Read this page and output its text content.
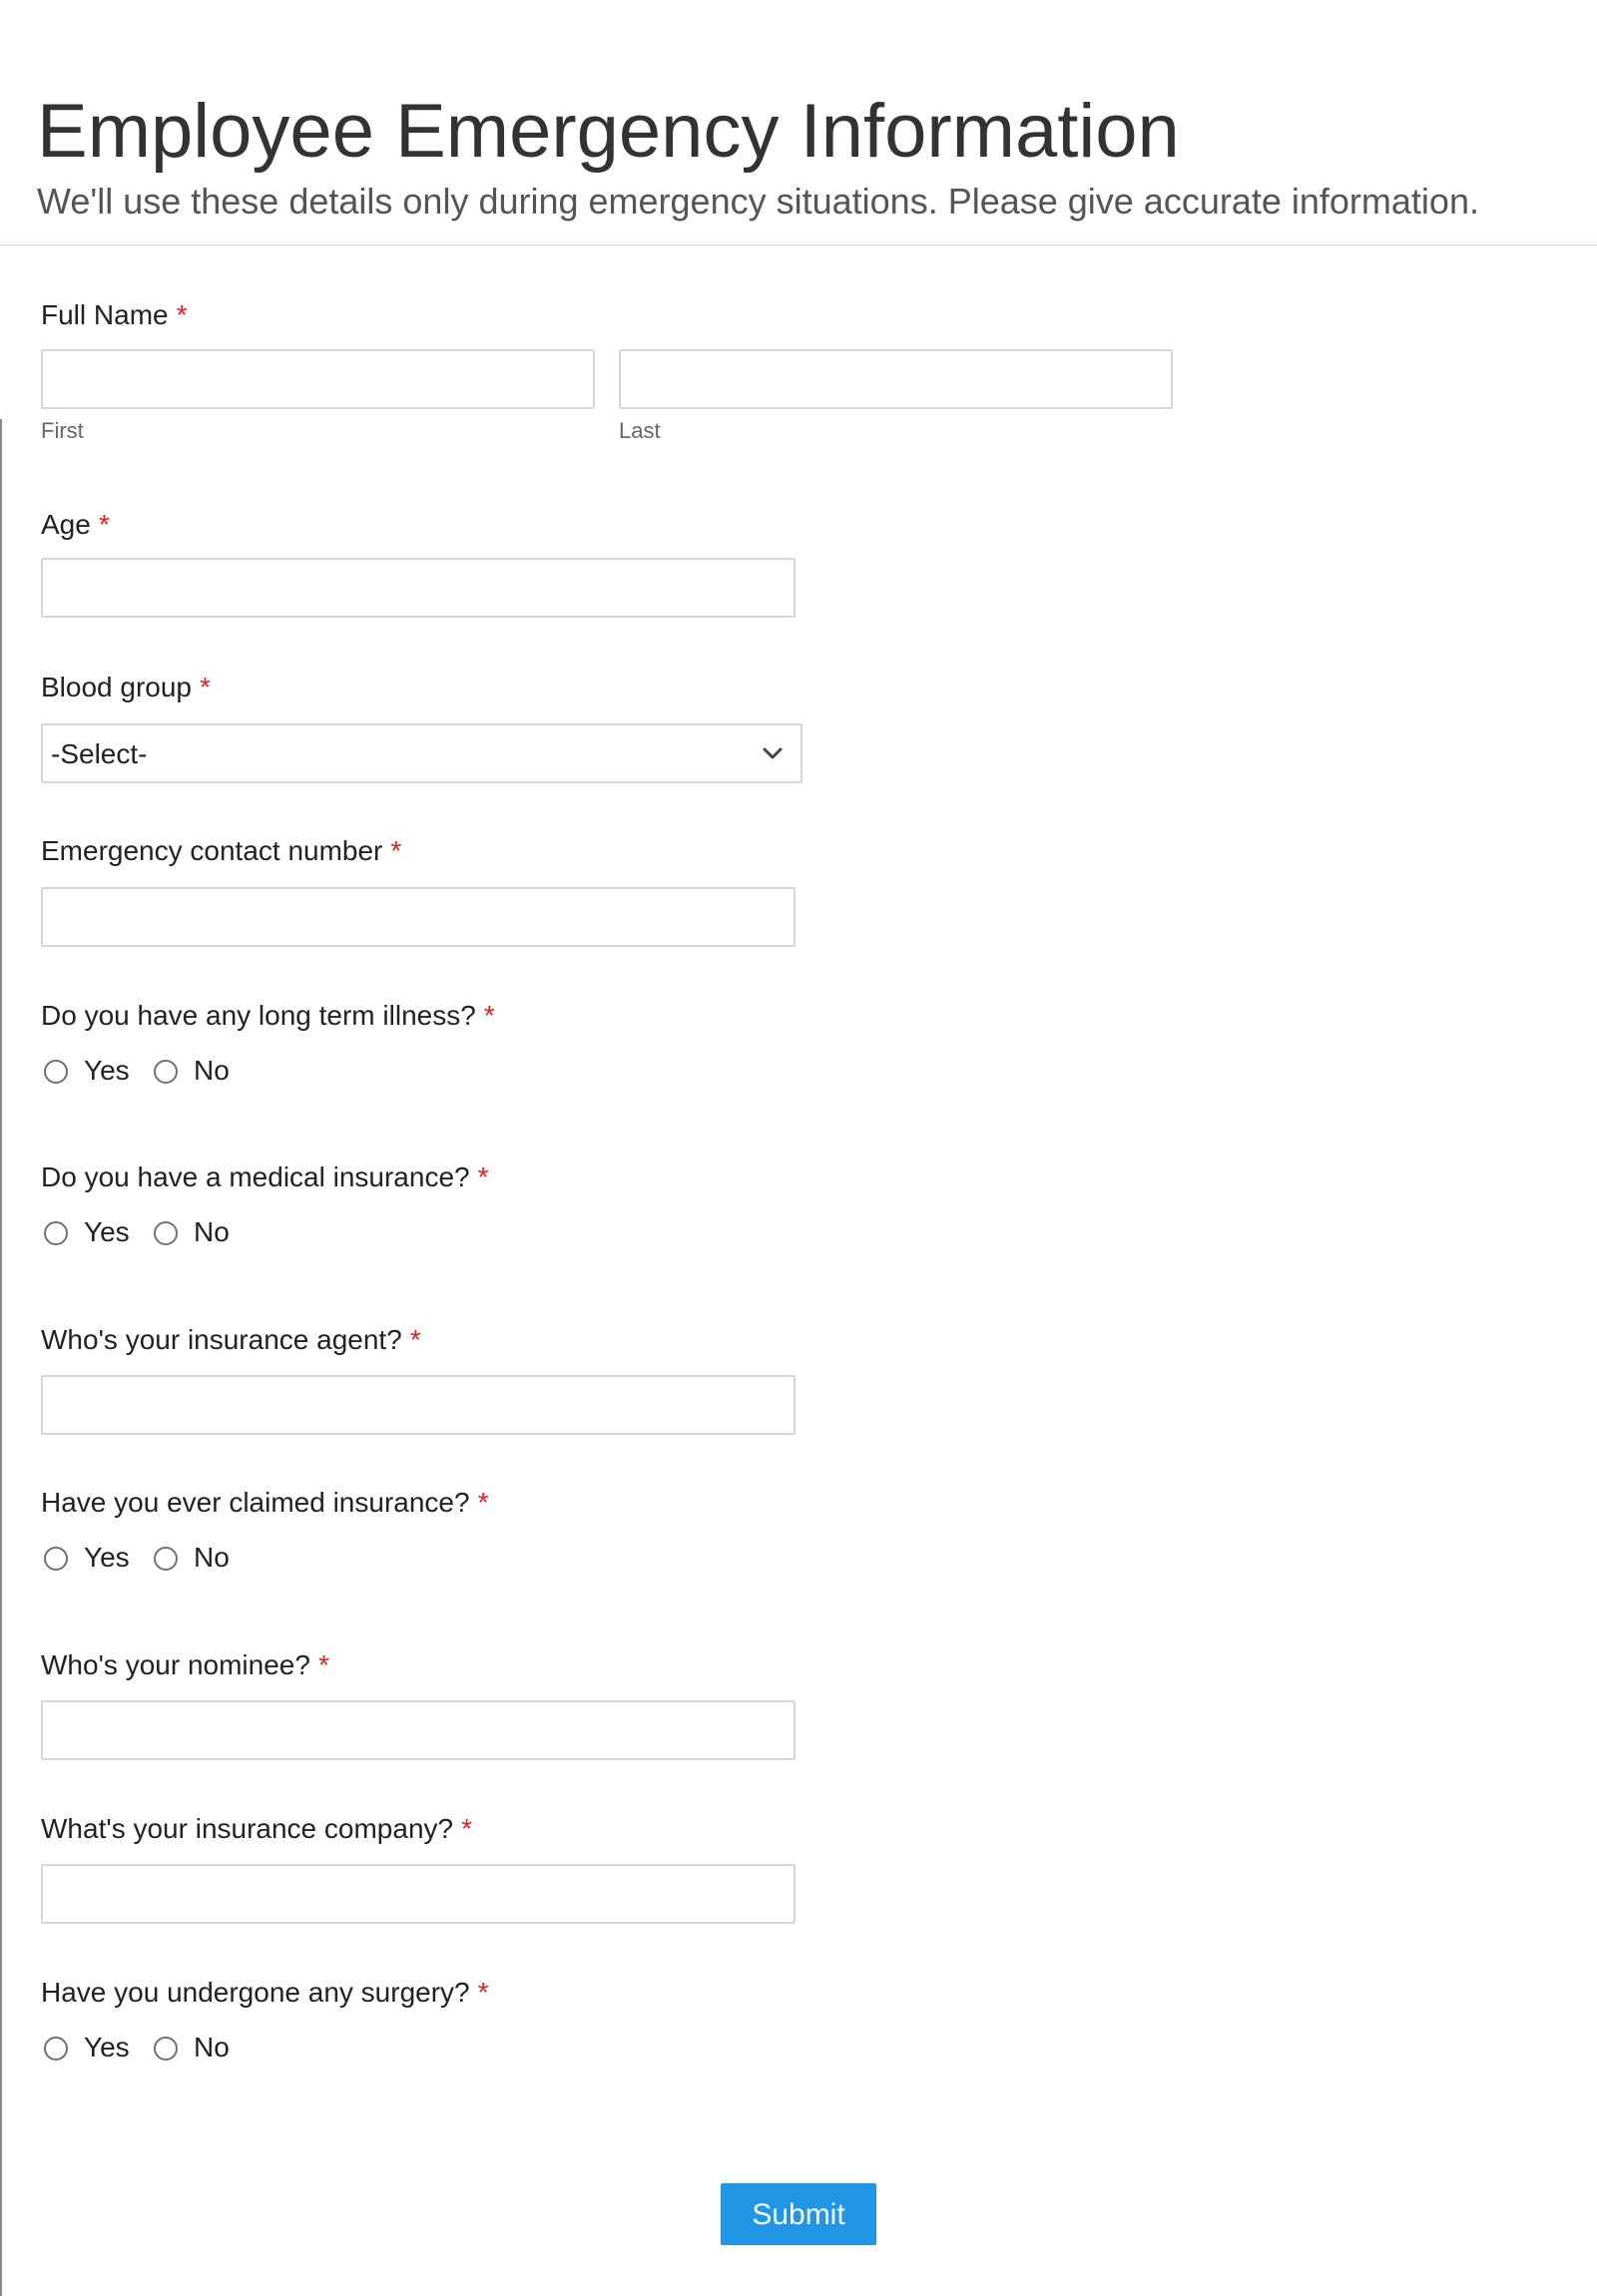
Employee Emergency Information

We'll use these details only during emergency situations. Please give accurate information.

Full Name *
First	Last
Age *
Blood group *
-Select-
Emergency contact number *
Do you have any long term illness? *
Yes No
Do you have a medical insurance? *
Yes No
Who's your insurance agent? *
Have you ever claimed insurance? *
Yes No
Who's your nominee? *
What's your insurance company? *
Have you undergone any surgery? *
Yes No
Submit
